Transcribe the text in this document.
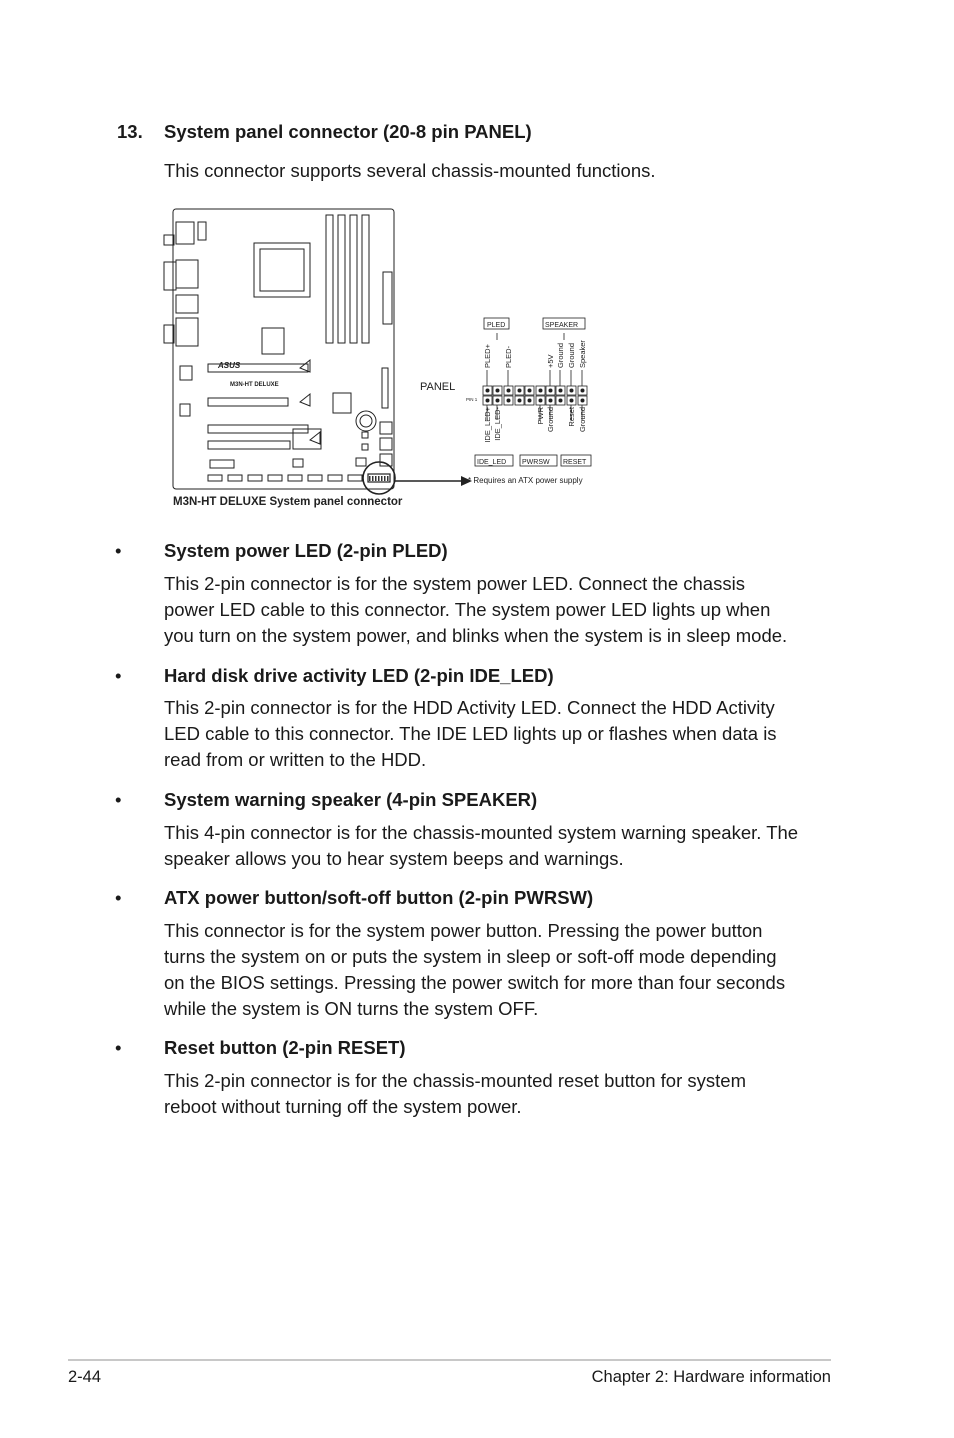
13. System panel connector (20-8 pin PANEL)
This connector supports several chassis-mounted functions.
ASUS
M3N-HT DELUXE	PANEL
PLED	SPEAKER
IDE_LED PWRSW RESET
PIN 1
PLED+ PLED-	+5V Ground Ground Speaker
IDE_LED+ IDE_LED-	PWR Ground Reset Ground
* Requires an ATX power supply
M3N-HT DELUXE System panel connector
• System power LED (2-pin PLED)
This 2-pin connector is for the system power LED. Connect the chassis
power LED cable to this connector. The system power LED lights up when
you turn on the system power, and blinks when the system is in sleep mode.
• Hard disk drive activity LED (2-pin IDE_LED)
This 2-pin connector is for the HDD Activity LED. Connect the HDD Activity
LED cable to this connector. The IDE LED lights up or flashes when data is
read from or written to the HDD.
• System warning speaker (4-pin SPEAKER)
This 4-pin connector is for the chassis-mounted system warning speaker. The
speaker allows you to hear system beeps and warnings.
• ATX power button/soft-off button (2-pin PWRSW)
This connector is for the system power button. Pressing the power button
turns the system on or puts the system in sleep or soft-off mode depending
on the BIOS settings. Pressing the power switch for more than four seconds
while the system is ON turns the system OFF.
• Reset button (2-pin RESET)
This 2-pin connector is for the chassis-mounted reset button for system
reboot without turning off the system power.
2-44	Chapter 2: Hardware information
